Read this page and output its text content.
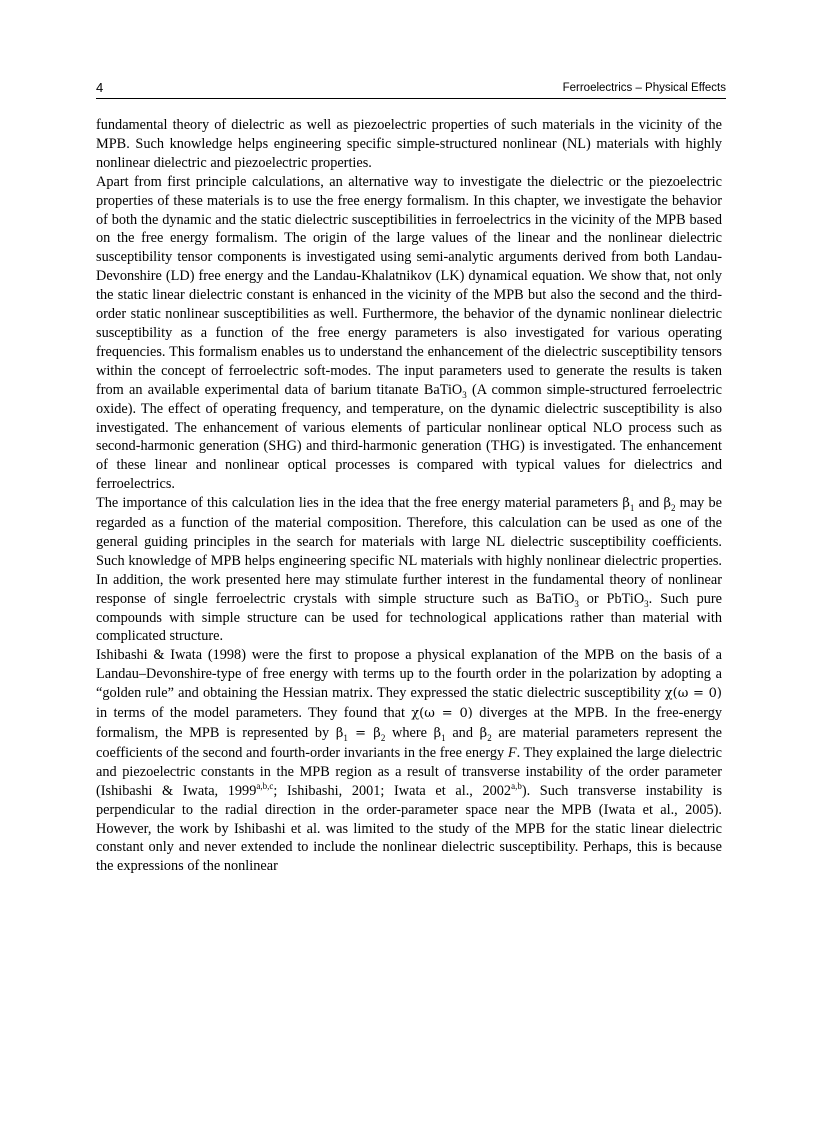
4	Ferroelectrics – Physical Effects

fundamental theory of dielectric as well as piezoelectric properties of such materials in the vicinity of the MPB. Such knowledge helps engineering specific simple-structured nonlinear (NL) materials with highly nonlinear dielectric and piezoelectric properties.

Apart from first principle calculations, an alternative way to investigate the dielectric or the piezoelectric properties of these materials is to use the free energy formalism. In this chapter, we investigate the behavior of both the dynamic and the static dielectric susceptibilities in ferroelectrics in the vicinity of the MPB based on the free energy formalism. The origin of the large values of the linear and the nonlinear dielectric susceptibility tensor components is investigated using semi-analytic arguments derived from both Landau-Devonshire (LD) free energy and the Landau-Khalatnikov (LK) dynamical equation. We show that, not only the static linear dielectric constant is enhanced in the vicinity of the MPB but also the second and the third-order static nonlinear susceptibilities as well. Furthermore, the behavior of the dynamic nonlinear dielectric susceptibility as a function of the free energy parameters is also investigated for various operating frequencies. This formalism enables us to understand the enhancement of the dielectric susceptibility tensors within the concept of ferroelectric soft-modes. The input parameters used to generate the results is taken from an available experimental data of barium titanate BaTiO$_3$ (A common simple-structured ferroelectric oxide). The effect of operating frequency, and temperature, on the dynamic dielectric susceptibility is also investigated. The enhancement of various elements of particular nonlinear optical NLO process such as second-harmonic generation (SHG) and third-harmonic generation (THG) is investigated. The enhancement of these linear and nonlinear optical processes is compared with typical values for dielectrics and ferroelectrics.

The importance of this calculation lies in the idea that the free energy material parameters $\beta_1$ and $\beta_2$ may be regarded as a function of the material composition. Therefore, this calculation can be used as one of the general guiding principles in the search for materials with large NL dielectric susceptibility coefficients. Such knowledge of MPB helps engineering specific NL materials with highly nonlinear dielectric properties. In addition, the work presented here may stimulate further interest in the fundamental theory of nonlinear response of single ferroelectric crystals with simple structure such as BaTiO$_3$ or PbTiO$_3$. Such pure compounds with simple structure can be used for technological applications rather than material with complicated structure.

Ishibashi & Iwata (1998) were the first to propose a physical explanation of the MPB on the basis of a Landau–Devonshire-type of free energy with terms up to the fourth order in the polarization by adopting a “golden rule” and obtaining the Hessian matrix. They expressed the static dielectric susceptibility χ(ω = 0) in terms of the model parameters. They found that χ(ω = 0) diverges at the MPB. In the free-energy formalism, the MPB is represented by $\beta_1 = \beta_2$ where $\beta_1$ and $\beta_2$ are material parameters represent the coefficients of the second and fourth-order invariants in the free energy F. They explained the large dielectric and piezoelectric constants in the MPB region as a result of transverse instability of the order parameter (Ishibashi & Iwata, 1999$^{a,b,c}$; Ishibashi, 2001; Iwata et al., 2002$^{a,b}$). Such transverse instability is perpendicular to the radial direction in the order-parameter space near the MPB (Iwata et al., 2005). However, the work by Ishibashi et al. was limited to the study of the MPB for the static linear dielectric constant only and never extended to include the nonlinear dielectric susceptibility. Perhaps, this is because the expressions of the nonlinear
